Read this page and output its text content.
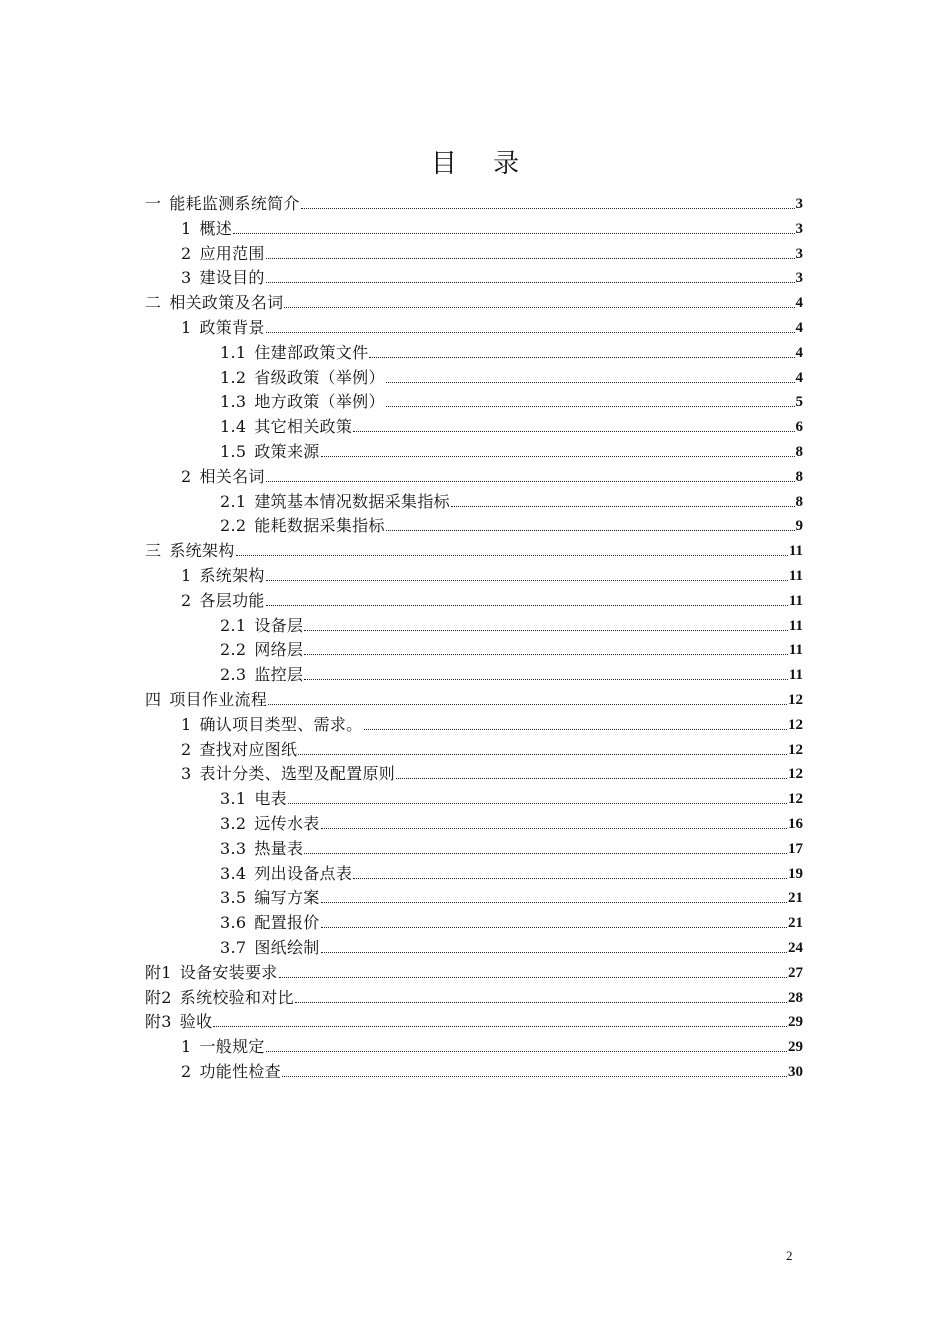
目 录
一 能耗监测系统简介	3
1 概述	3
2 应用范围	3
3 建设目的	3
二 相关政策及名词	4
1 政策背景	4
1.1 住建部政策文件	4
1.2 省级政策（举例）	4
1.3 地方政策（举例）	5
1.4 其它相关政策	6
1.5 政策来源	8
2 相关名词	8
2.1 建筑基本情况数据采集指标	8
2.2 能耗数据采集指标	9
三 系统架构	11
1 系统架构	11
2 各层功能	11
2.1 设备层	11
2.2 网络层	11
2.3 监控层	11
四 项目作业流程	12
1 确认项目类型、需求。	12
2 查找对应图纸	12
3 表计分类、选型及配置原则	12
3.1 电表	12
3.2 远传水表	16
3.3 热量表	17
3.4 列出设备点表	19
3.5 编写方案	21
3.6 配置报价	21
3.7 图纸绘制	24
附1 设备安装要求	27
附2 系统校验和对比	28
附3 验收	29
1 一般规定	29
2 功能性检查	30
2
